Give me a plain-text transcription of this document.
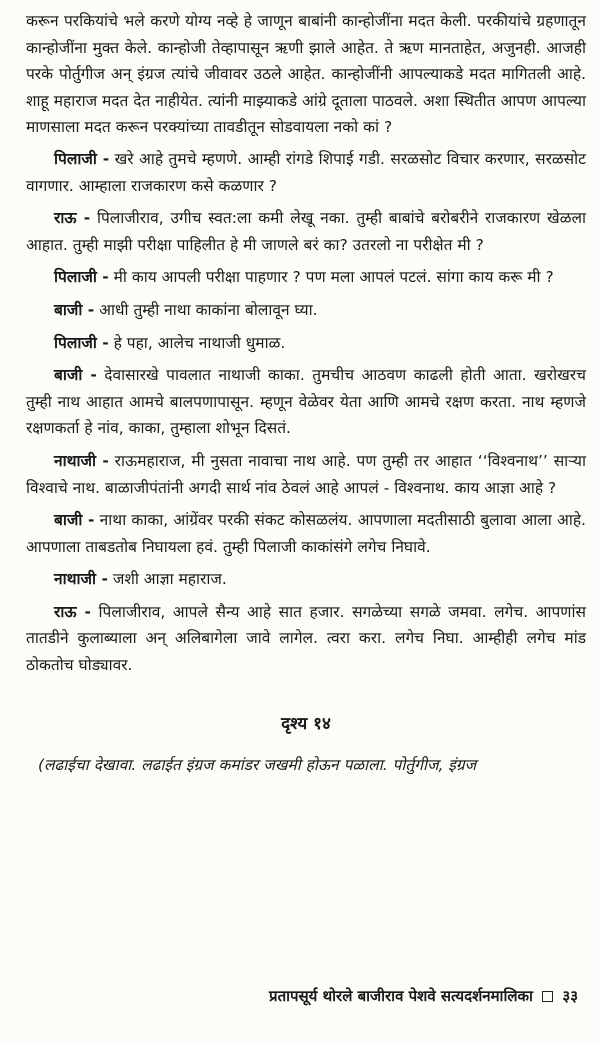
करून परकियांचे भले करणे योग्य नव्हे हे जाणून बाबांनी कान्होजींना मदत केली. परकीयांचे ग्रहणातून कान्होजींना मुक्त केले. कान्होजी तेव्हापासून ऋणी झाले आहेत. ते ऋण मानताहेत, अजुनही. आजही परके पोर्तुगीज अन् इंग्रज त्यांचे जीवावर उठले आहेत. कान्होजींनी आपल्याकडे मदत मागितली आहे. शाहू महाराज मदत देत नाहीयेत. त्यांनी माझ्याकडे आंग्रे दूताला पाठवले. अशा स्थितीत आपण आपल्या माणसाला मदत करून परक्यांच्या तावडीतून सोडवायला नको कां ?

पिलाजी - खरे आहे तुमचे म्हणणे. आम्ही रांगडे शिपाई गडी. सरळसोट विचार करणार, सरळसोट वागणार. आम्हाला राजकारण कसे कळणार ?

राऊ - पिलाजीराव, उगीच स्वत:ला कमी लेखू नका. तुम्ही बाबांचे बरोबरीने राजकारण खेळला आहात. तुम्ही माझी परीक्षा पाहिलीत हे मी जाणले बरं का? उतरलो ना परीक्षेत मी ?

पिलाजी - मी काय आपली परीक्षा पाहणार ? पण मला आपलं पटलं. सांगा काय करू मी ?

बाजी - आधी तुम्ही नाथा काकांना बोलावून घ्या.

पिलाजी - हे पहा, आलेच नाथाजी धुमाळ.

बाजी - देवासारखे पावलात नाथाजी काका. तुमचीच आठवण काढली होती आता. खरोखरच तुम्ही नाथ आहात आमचे बालपणापासून. म्हणून वेळेवर येता आणि आमचे रक्षण करता. नाथ म्हणजे रक्षणकर्ता हे नांव, काका, तुम्हाला शोभून दिसतं.

नाथाजी - राऊमहाराज, मी नुसता नावाचा नाथ आहे. पण तुम्ही तर आहात ‘‘विश्वनाथ’’ साऱ्या विश्वाचे नाथ. बाळाजीपंतांनी अगदी सार्थ नांव ठेवलं आहे आपलं - विश्वनाथ. काय आज्ञा आहे ?

बाजी - नाथा काका, आंग्रेंवर परकी संकट कोसळलंय. आपणाला मदतीसाठी बुलावा आला आहे. आपणाला ताबडतोब निघायला हवं. तुम्ही पिलाजी काकांसंगे लगेच निघावे.

नाथाजी - जशी आज्ञा महाराज.

राऊ - पिलाजीराव, आपले सैन्य आहे सात हजार. सगळेच्या सगळे जमवा. लगेच. आपणांस तातडीने कुलाब्याला अन् अलिबागेला जावे लागेल. त्वरा करा. लगेच निघा. आम्हीही लगेच मांड ठोकतोच घोड्यावर.

दृश्य १४

(लढाईचा देखावा. लढाईत इंग्रज कमांडर जखमी होऊन पळाला. पोर्तुगीज, इंग्रज

प्रतापसूर्य थोरले बाजीराव पेशवे सत्यदर्शनमालिका ३३
